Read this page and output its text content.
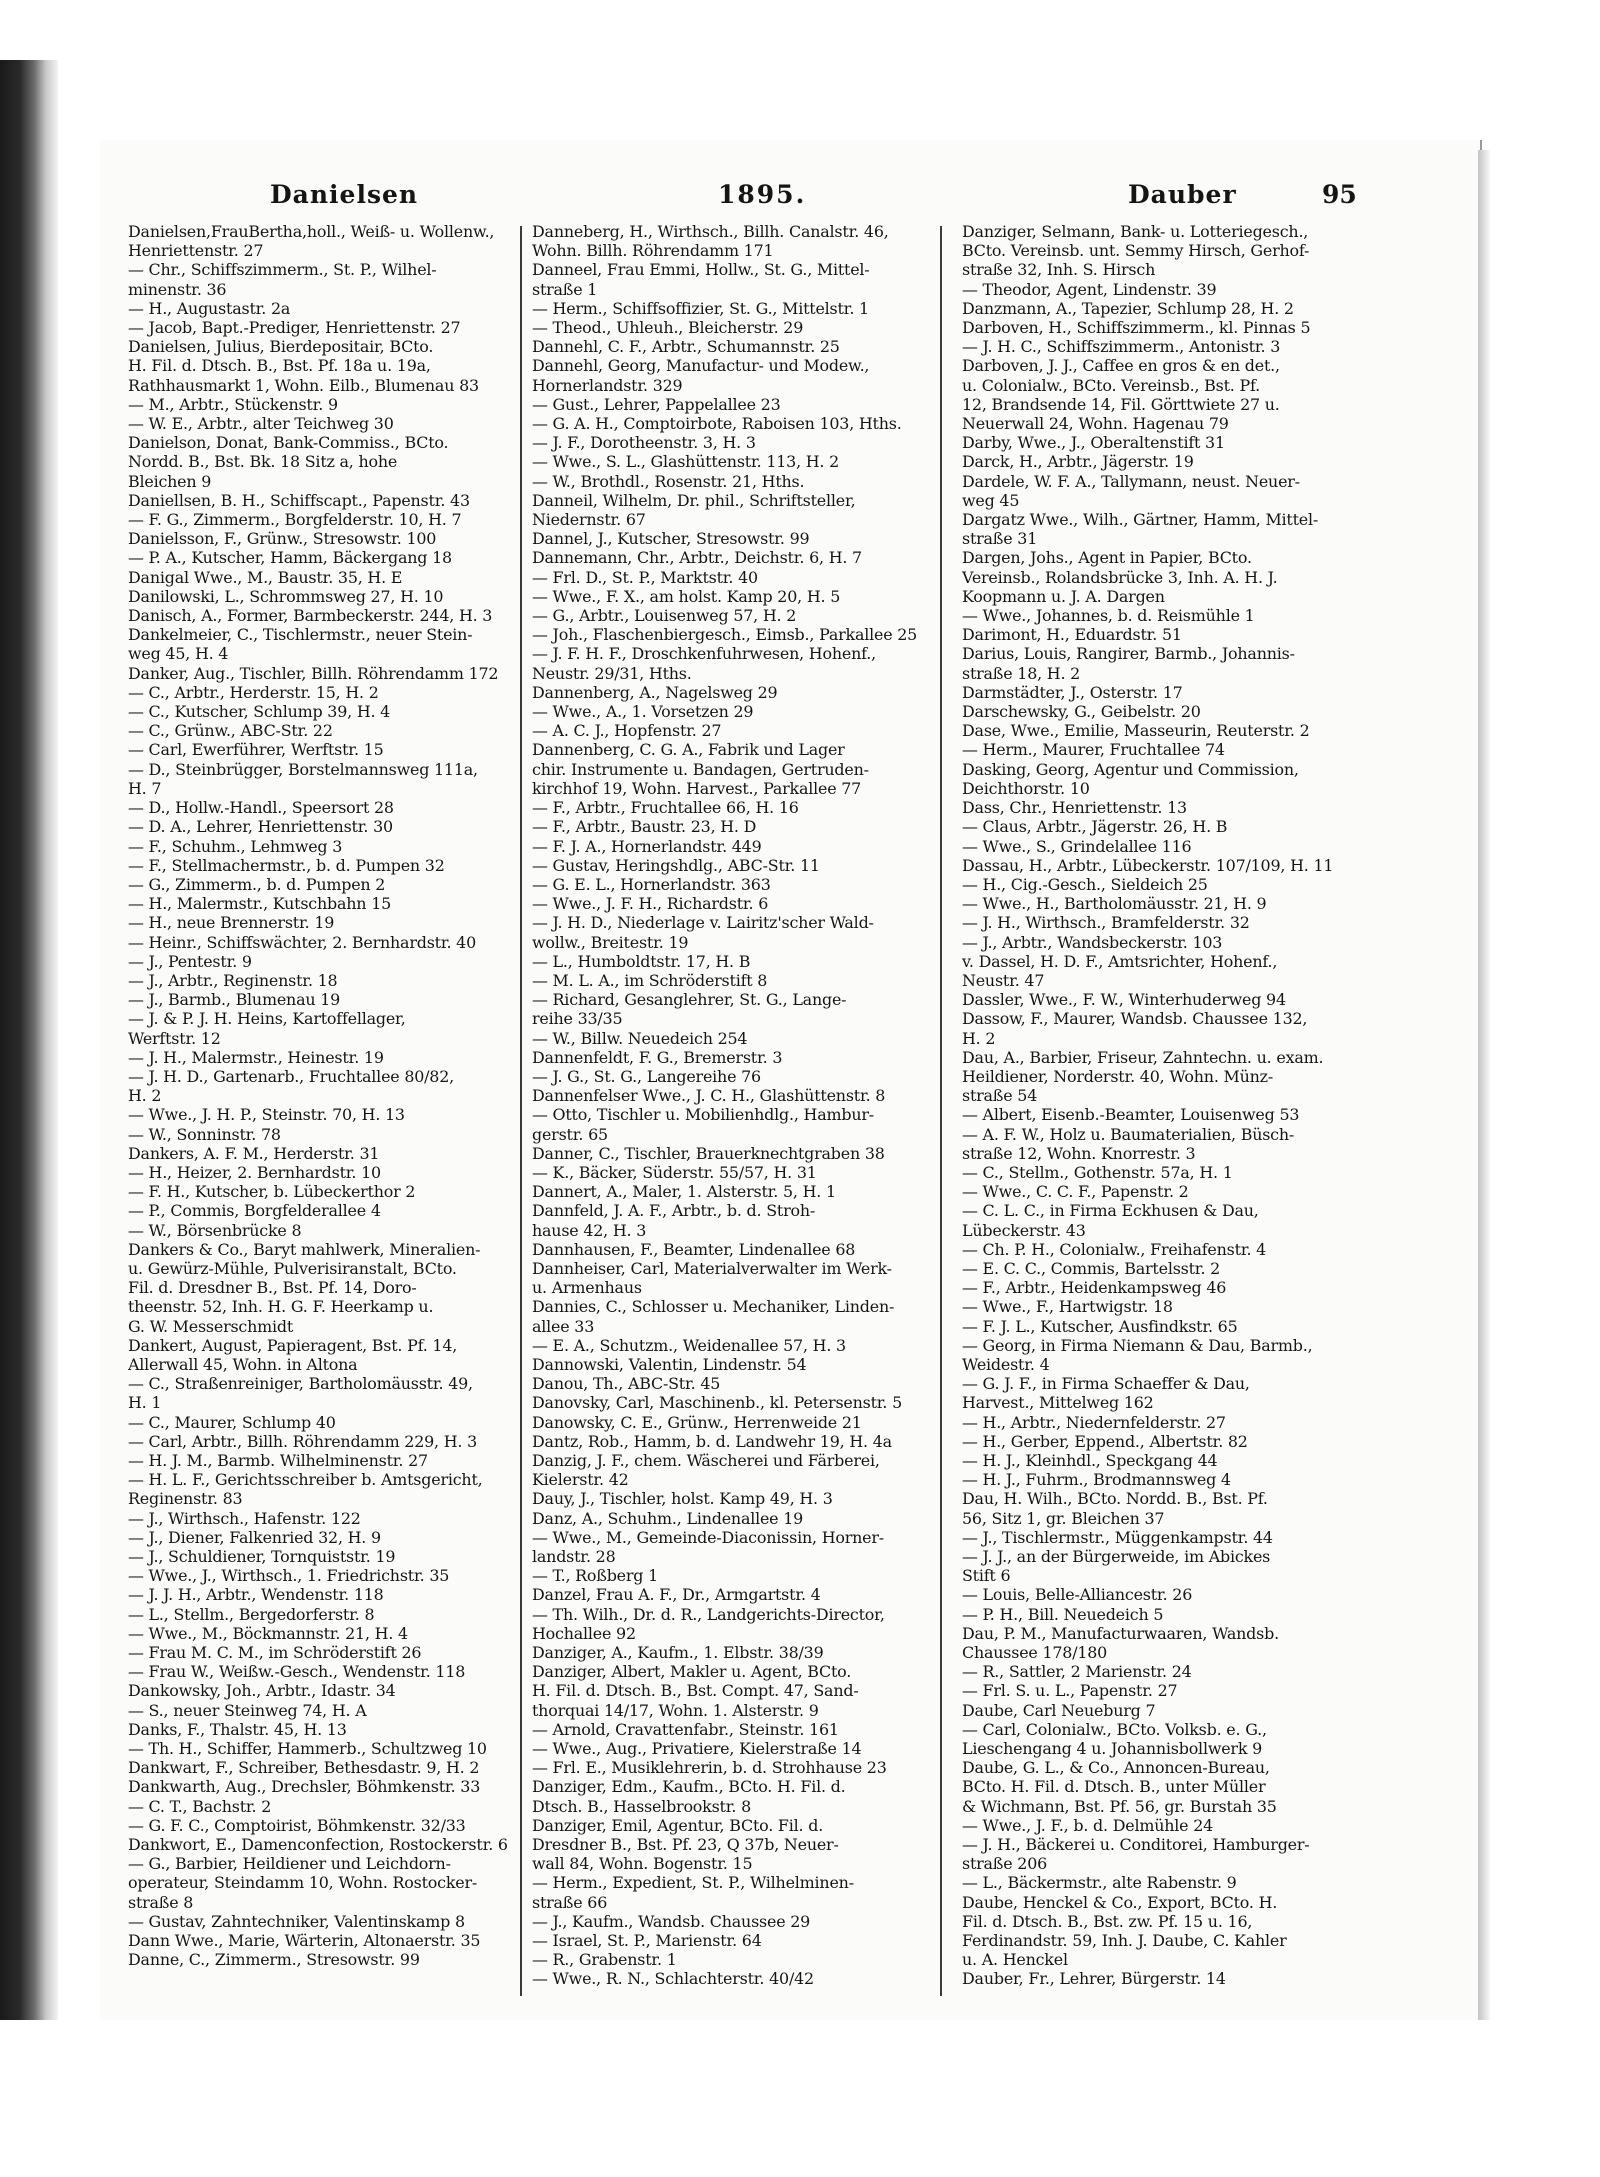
Danielsen	1895.	Dauber	95
Danielsen,FrauBertha,holl., Weiß- u. Wollenw.,
Henriettenstr. 27
— Chr., Schiffszimmerm., St. P., Wilhel-
minenstr. 36
— H., Augustastr. 2a
— Jacob, Bapt.-Prediger, Henriettenstr. 27
Danielsen, Julius, Bierdepositair, BCto.
H. Fil. d. Dtsch. B., Bst. Pf. 18a u. 19a,
Rathhausmarkt 1, Wohn. Eilb., Blumenau 83
— M., Arbtr., Stückenstr. 9
— W. E., Arbtr., alter Teichweg 30
Danielson, Donat, Bank-Commiss., BCto.
Nordd. B., Bst. Bk. 18 Sitz a, hohe
Bleichen 9
Daniellsen, B. H., Schiffscapt., Papenstr. 43
— F. G., Zimmerm., Borgfelderstr. 10, H. 7
Danielsson, F., Grünw., Stresowstr. 100
— P. A., Kutscher, Hamm, Bäckergang 18
Danigal Wwe., M., Baustr. 35, H. E
Danilowski, L., Schrommsweg 27, H. 10
Danisch, A., Former, Barmbeckerstr. 244, H. 3
Dankelmeier, C., Tischlermstr., neuer Stein-
weg 45, H. 4
Danker, Aug., Tischler, Billh. Röhrendamm 172
— C., Arbtr., Herderstr. 15, H. 2
— C., Kutscher, Schlump 39, H. 4
— C., Grünw., ABC-Str. 22
— Carl, Ewerführer, Werftstr. 15
— D., Steinbrügger, Borstelmannsweg 111a,
H. 7
— D., Hollw.-Handl., Speersort 28
— D. A., Lehrer, Henriettenstr. 30
— F., Schuhm., Lehmweg 3
— F., Stellmachermstr., b. d. Pumpen 32
— G., Zimmerm., b. d. Pumpen 2
— H., Malermstr., Kutschbahn 15
— H., neue Brennerstr. 19
— Heinr., Schiffswächter, 2. Bernhardstr. 40
— J., Pentestr. 9
— J., Arbtr., Reginenstr. 18
— J., Barmb., Blumenau 19
— J. & P. J. H. Heins, Kartoffellager,
Werftstr. 12
— J. H., Malermstr., Heinestr. 19
— J. H. D., Gartenarb., Fruchtallee 80/82,
H. 2
— Wwe., J. H. P., Steinstr. 70, H. 13
— W., Sonninstr. 78
Dankers, A. F. M., Herderstr. 31
— H., Heizer, 2. Bernhardstr. 10
— F. H., Kutscher, b. Lübeckerthor 2
— P., Commis, Borgfelderallee 4
— W., Börsenbrücke 8
Dankers & Co., Baryt mahlwerk, Mineralien-
u. Gewürz-Mühle, Pulverisiranstalt, BCto.
Fil. d. Dresdner B., Bst. Pf. 14, Doro-
theenstr. 52, Inh. H. G. F. Heerkamp u.
G. W. Messerschmidt
Dankert, August, Papieragent, Bst. Pf. 14,
Allerwall 45, Wohn. in Altona
— C., Straßenreiniger, Bartholomäusstr. 49,
H. 1
— C., Maurer, Schlump 40
— Carl, Arbtr., Billh. Röhrendamm 229, H. 3
— H. J. M., Barmb. Wilhelminenstr. 27
— H. L. F., Gerichtsschreiber b. Amtsgericht,
Reginenstr. 83
— J., Wirthsch., Hafenstr. 122
— J., Diener, Falkenried 32, H. 9
— J., Schuldiener, Tornquiststr. 19
— Wwe., J., Wirthsch., 1. Friedrichstr. 35
— J. J. H., Arbtr., Wendenstr. 118
— L., Stellm., Bergedorferstr. 8
— Wwe., M., Böckmannstr. 21, H. 4
— Frau M. C. M., im Schröderstift 26
— Frau W., Weißw.-Gesch., Wendenstr. 118
Dankowsky, Joh., Arbtr., Idastr. 34
— S., neuer Steinweg 74, H. A
Danks, F., Thalstr. 45, H. 13
— Th. H., Schiffer, Hammerb., Schultzweg 10
Dankwart, F., Schreiber, Bethesdastr. 9, H. 2
Dankwarth, Aug., Drechsler, Böhmkenstr. 33
— C. T., Bachstr. 2
— G. F. C., Comptoirist, Böhmkenstr. 32/33
Dankwort, E., Damenconfection, Rostockerstr. 6
— G., Barbier, Heildiener und Leichdorn-
operateur, Steindamm 10, Wohn. Rostocker-
straße 8
— Gustav, Zahntechniker, Valentinskamp 8
Dann Wwe., Marie, Wärterin, Altonaerstr. 35
Danne, C., Zimmerm., Stresowstr. 99
Danneberg, H., Wirthsch., Billh. Canalstr. 46,
Wohn. Billh. Röhrendamm 171
Danneel, Frau Emmi, Hollw., St. G., Mittel-
straße 1
— Herm., Schiffsoffizier, St. G., Mittelstr. 1
— Theod., Uhleuh., Bleicherstr. 29
Dannehl, C. F., Arbtr., Schumannstr. 25
Dannehl, Georg, Manufactur- und Modew.,
Hornerlandstr. 329
— Gust., Lehrer, Pappelallee 23
— G. A. H., Comptoirbote, Raboisen 103, Hths.
— J. F., Dorotheenstr. 3, H. 3
— Wwe., S. L., Glashüttenstr. 113, H. 2
— W., Brothdl., Rosenstr. 21, Hths.
Danneil, Wilhelm, Dr. phil., Schriftsteller,
Niedernstr. 67
Dannel, J., Kutscher, Stresowstr. 99
Dannemann, Chr., Arbtr., Deichstr. 6, H. 7
— Frl. D., St. P., Marktstr. 40
— Wwe., F. X., am holst. Kamp 20, H. 5
— G., Arbtr., Louisenweg 57, H. 2
— Joh., Flaschenbiergesch., Eimsb., Parkallee 25
— J. F. H. F., Droschkenfuhrwesen, Hohenf.,
Neustr. 29/31, Hths.
Dannenberg, A., Nagelsweg 29
— Wwe., A., 1. Vorsetzen 29
— A. C. J., Hopfenstr. 27
Dannenberg, C. G. A., Fabrik und Lager
chir. Instrumente u. Bandagen, Gertruden-
kirchhof 19, Wohn. Harvest., Parkallee 77
— F., Arbtr., Fruchtallee 66, H. 16
— F., Arbtr., Baustr. 23, H. D
— F. J. A., Hornerlandstr. 449
— Gustav, Heringshdlg., ABC-Str. 11
— G. E. L., Hornerlandstr. 363
— Wwe., J. F. H., Richardstr. 6
— J. H. D., Niederlage v. Lairitz'scher Wald-
wollw., Breitestr. 19
— L., Humboldtstr. 17, H. B
— M. L. A., im Schröderstift 8
— Richard, Gesanglehrer, St. G., Lange-
reihe 33/35
— W., Billw. Neuedeich 254
Dannenfeldt, F. G., Bremerstr. 3
— J. G., St. G., Langereihe 76
Dannenfelser Wwe., J. C. H., Glashüttenstr. 8
— Otto, Tischler u. Mobilienhdlg., Hambur-
gerstr. 65
Danner, C., Tischler, Brauerknechtgraben 38
— K., Bäcker, Süderstr. 55/57, H. 31
Dannert, A., Maler, 1. Alsterstr. 5, H. 1
Dannfeld, J. A. F., Arbtr., b. d. Stroh-
hause 42, H. 3
Dannhausen, F., Beamter, Lindenallee 68
Dannheiser, Carl, Materialverwalter im Werk-
u. Armenhaus
Dannies, C., Schlosser u. Mechaniker, Linden-
allee 33
— E. A., Schutzm., Weidenallee 57, H. 3
Dannowski, Valentin, Lindenstr. 54
Danou, Th., ABC-Str. 45
Danovsky, Carl, Maschinenb., kl. Petersenstr. 5
Danowsky, C. E., Grünw., Herrenweide 21
Dantz, Rob., Hamm, b. d. Landwehr 19, H. 4a
Danzig, J. F., chem. Wäscherei und Färberei,
Kielerstr. 42
Dauy, J., Tischler, holst. Kamp 49, H. 3
Danz, A., Schuhm., Lindenallee 19
— Wwe., M., Gemeinde-Diaconissin, Horner-
landstr. 28
— T., Roßberg 1
Danzel, Frau A. F., Dr., Armgartstr. 4
— Th. Wilh., Dr. d. R., Landgerichts-Director,
Hochallee 92
Danziger, A., Kaufm., 1. Elbstr. 38/39
Danziger, Albert, Makler u. Agent, BCto.
H. Fil. d. Dtsch. B., Bst. Compt. 47, Sand-
thorquai 14/17, Wohn. 1. Alsterstr. 9
— Arnold, Cravattenfabr., Steinstr. 161
— Wwe., Aug., Privatiere, Kielerstraße 14
— Frl. E., Musiklehrerin, b. d. Strohhause 23
Danziger, Edm., Kaufm., BCto. H. Fil. d.
Dtsch. B., Hasselbrookstr. 8
Danziger, Emil, Agentur, BCto. Fil. d.
Dresdner B., Bst. Pf. 23, Q 37b, Neuer-
wall 84, Wohn. Bogenstr. 15
— Herm., Expedient, St. P., Wilhelminen-
straße 66
— J., Kaufm., Wandsb. Chaussee 29
— Israel, St. P., Marienstr. 64
— R., Grabenstr. 1
— Wwe., R. N., Schlachterstr. 40/42
Danziger, Selmann, Bank- u. Lotteriegesch.,
BCto. Vereinsb. unt. Semmy Hirsch, Gerhof-
straße 32, Inh. S. Hirsch
— Theodor, Agent, Lindenstr. 39
Danzmann, A., Tapezier, Schlump 28, H. 2
Darboven, H., Schiffszimmerm., kl. Pinnas 5
— J. H. C., Schiffszimmerm., Antonistr. 3
Darboven, J. J., Caffee en gros & en det.,
u. Colonialw., BCto. Vereinsb., Bst. Pf.
12, Brandsende 14, Fil. Görttwiete 27 u.
Neuerwall 24, Wohn. Hagenau 79
Darby, Wwe., J., Oberaltenstift 31
Darck, H., Arbtr., Jägerstr. 19
Dardele, W. F. A., Tallymann, neust. Neuer-
weg 45
Dargatz Wwe., Wilh., Gärtner, Hamm, Mittel-
straße 31
Dargen, Johs., Agent in Papier, BCto.
Vereinsb., Rolandsbrücke 3, Inh. A. H. J.
Koopmann u. J. A. Dargen
— Wwe., Johannes, b. d. Reismühle 1
Darimont, H., Eduardstr. 51
Darius, Louis, Rangirer, Barmb., Johannis-
straße 18, H. 2
Darmstädter, J., Osterstr. 17
Darschewsky, G., Geibelstr. 20
Dase, Wwe., Emilie, Masseurin, Reuterstr. 2
— Herm., Maurer, Fruchtallee 74
Dasking, Georg, Agentur und Commission,
Deichthorstr. 10
Dass, Chr., Henriettenstr. 13
— Claus, Arbtr., Jägerstr. 26, H. B
— Wwe., S., Grindelallee 116
Dassau, H., Arbtr., Lübeckerstr. 107/109, H. 11
— H., Cig.-Gesch., Sieldeich 25
— Wwe., H., Bartholomäusstr. 21, H. 9
— J. H., Wirthsch., Bramfelderstr. 32
— J., Arbtr., Wandsbeckerstr. 103
v. Dassel, H. D. F., Amtsrichter, Hohenf.,
Neustr. 47
Dassler, Wwe., F. W., Winterhuderweg 94
Dassow, F., Maurer, Wandsb. Chaussee 132,
H. 2
Dau, A., Barbier, Friseur, Zahntechn. u. exam.
Heildiener, Norderstr. 40, Wohn. Münz-
straße 54
— Albert, Eisenb.-Beamter, Louisenweg 53
— A. F. W., Holz u. Baumaterialien, Büsch-
straße 12, Wohn. Knorrestr. 3
— C., Stellm., Gothenstr. 57a, H. 1
— Wwe., C. C. F., Papenstr. 2
— C. L. C., in Firma Eckhusen & Dau,
Lübeckerstr. 43
— Ch. P. H., Colonialw., Freihafenstr. 4
— E. C. C., Commis, Bartelsstr. 2
— F., Arbtr., Heidenkampsweg 46
— Wwe., F., Hartwigstr. 18
— F. J. L., Kutscher, Ausfindkstr. 65
— Georg, in Firma Niemann & Dau, Barmb.,
Weidestr. 4
— G. J. F., in Firma Schaeffer & Dau,
Harvest., Mittelweg 162
— H., Arbtr., Niedernfelderstr. 27
— H., Gerber, Eppend., Albertstr. 82
— H. J., Kleinhdl., Speckgang 44
— H. J., Fuhrm., Brodmannsweg 4
Dau, H. Wilh., BCto. Nordd. B., Bst. Pf.
56, Sitz 1, gr. Bleichen 37
— J., Tischlermstr., Müggenkampstr. 44
— J. J., an der Bürgerweide, im Abickes
Stift 6
— Louis, Belle-Alliancestr. 26
— P. H., Bill. Neuedeich 5
Dau, P. M., Manufacturwaaren, Wandsb.
Chaussee 178/180
— R., Sattler, 2 Marienstr. 24
— Frl. S. u. L., Papenstr. 27
Daube, Carl Neueburg 7
— Carl, Colonialw., BCto. Volksb. e. G.,
Lieschengang 4 u. Johannisbollwerk 9
Daube, G. L., & Co., Annoncen-Bureau,
BCto. H. Fil. d. Dtsch. B., unter Müller
& Wichmann, Bst. Pf. 56, gr. Burstah 35
— Wwe., J. F., b. d. Delmühle 24
— J. H., Bäckerei u. Conditorei, Hamburger-
straße 206
— L., Bäckermstr., alte Rabenstr. 9
Daube, Henckel & Co., Export, BCto. H.
Fil. d. Dtsch. B., Bst. zw. Pf. 15 u. 16,
Ferdinandstr. 59, Inh. J. Daube, C. Kahler
u. A. Henckel
Dauber, Fr., Lehrer, Bürgerstr. 14
